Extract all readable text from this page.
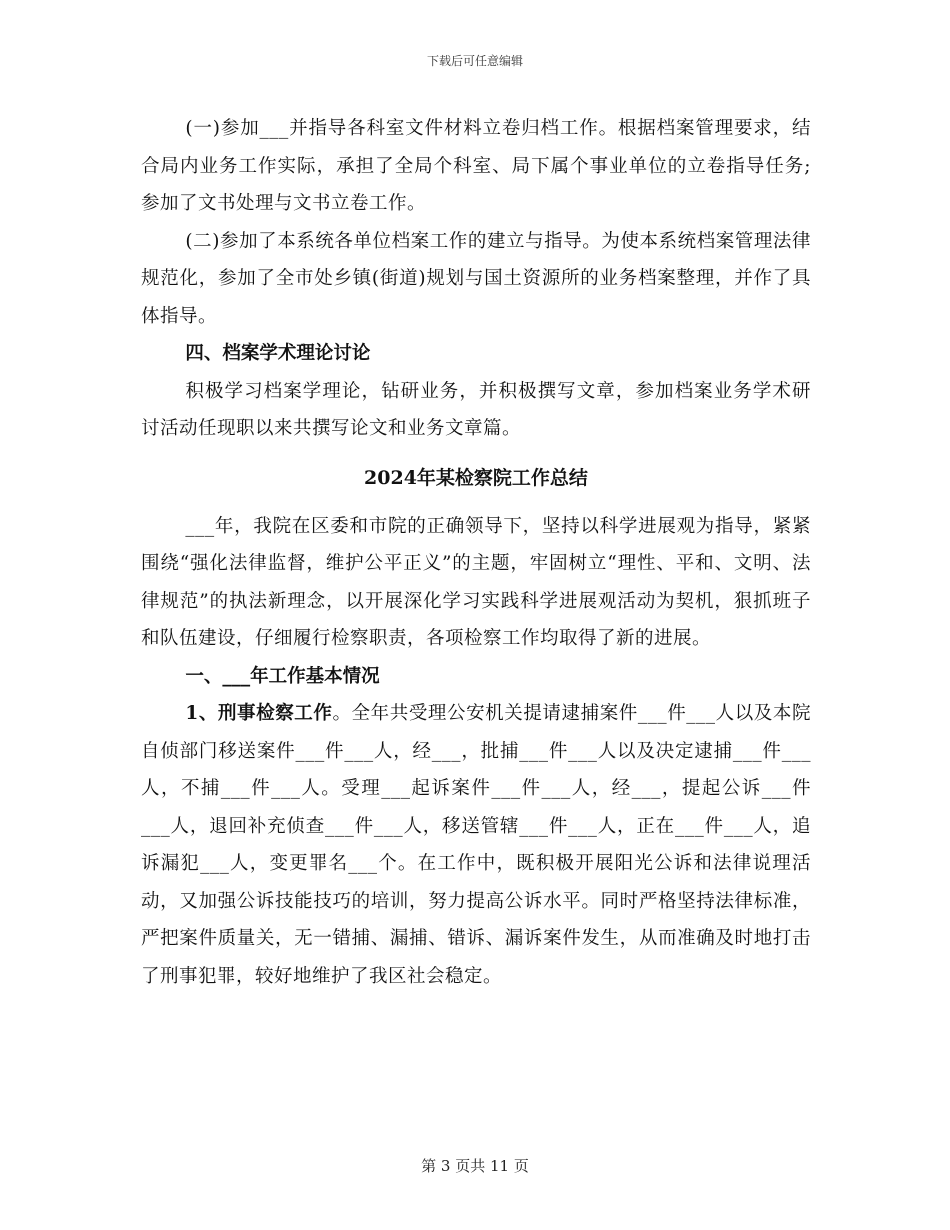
下载后可任意编辑

(一)参加___并指导各科室文件材料立卷归档工作。根据档案管理要求，结合局内业务工作实际，承担了全局个科室、局下属个事业单位的立卷指导任务;参加了文书处理与文书立卷工作。

(二)参加了本系统各单位档案工作的建立与指导。为使本系统档案管理法律规范化，参加了全市处乡镇(街道)规划与国土资源所的业务档案整理，并作了具体指导。

四、档案学术理论讨论

积极学习档案学理论，钻研业务，并积极撰写文章，参加档案业务学术研讨活动任现职以来共撰写论文和业务文章篇。

2024年某检察院工作总结

___年，我院在区委和市院的正确领导下，坚持以科学进展观为指导，紧紧围绕“强化法律监督，维护公平正义”的主题，牢固树立“理性、平和、文明、法律规范”的执法新理念，以开展深化学习实践科学进展观活动为契机，狠抓班子和队伍建设，仔细履行检察职责，各项检察工作均取得了新的进展。

一、___年工作基本情况

1、刑事检察工作。全年共受理公安机关提请逮捕案件___件___人以及本院自侦部门移送案件___件___人，经___，批捕___件___人以及决定逮捕___件___人，不捕___件___人。受理___起诉案件___件___人，经___，提起公诉___件___人，退回补充侦查___件___人，移送管辖___件___人，正在___件___人，追诉漏犯___人，变更罪名___个。在工作中，既积极开展阳光公诉和法律说理活动，又加强公诉技能技巧的培训，努力提高公诉水平。同时严格坚持法律标准，严把案件质量关，无一错捕、漏捕、错诉、漏诉案件发生，从而准确及时地打击了刑事犯罪，较好地维护了我区社会稳定。

第 3 页共 11 页
